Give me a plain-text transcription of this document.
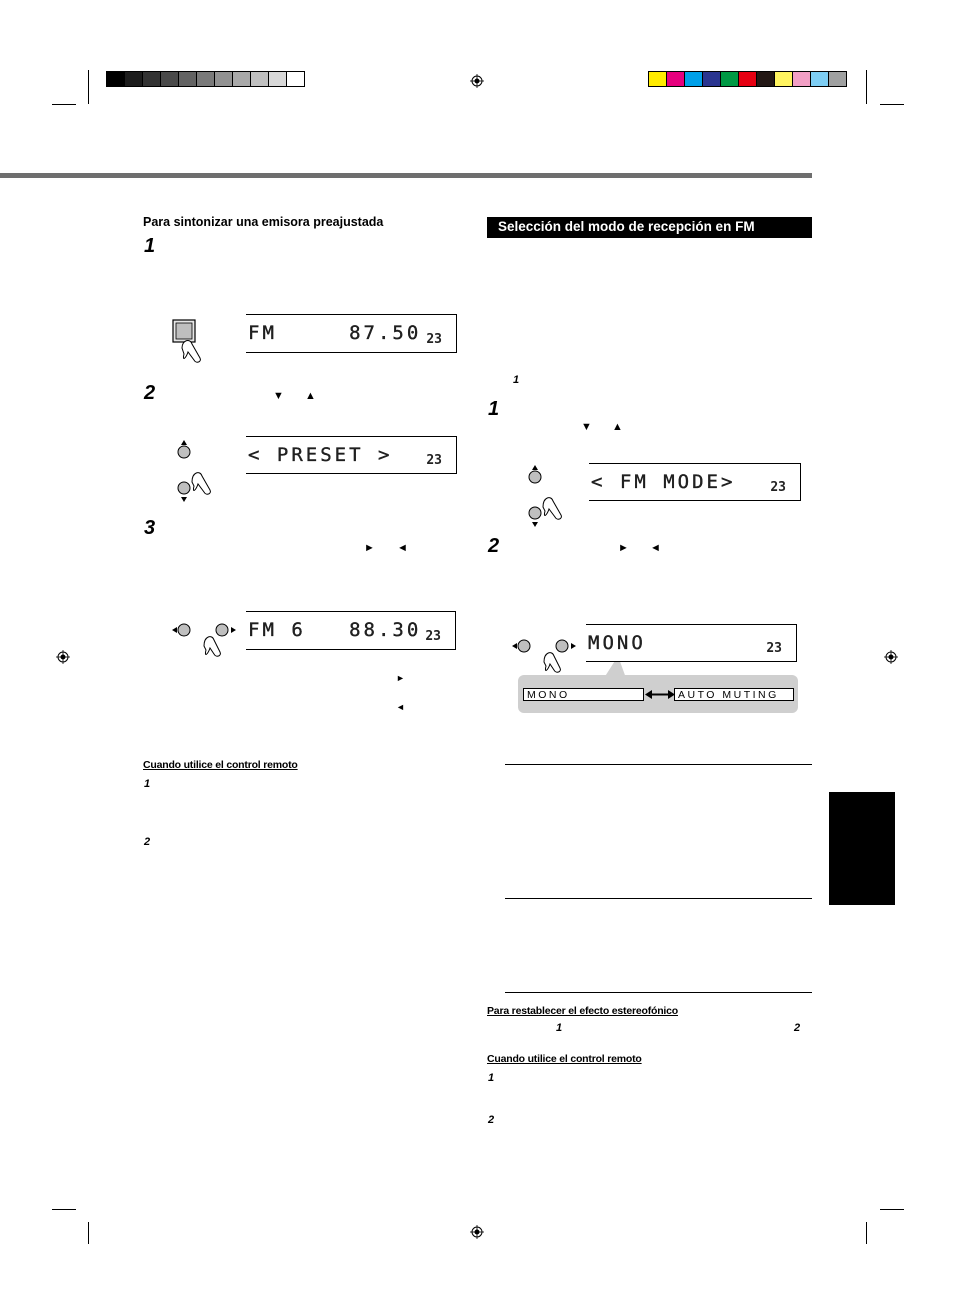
Para sintonizar una emisora preajustada
1
FM     87.50 23
2	▼ ▲
< PRESET >	23
3
► ◄
FM 6   88.30 23
►
◄
Cuando utilice el control remoto
1
2
Selección del modo de recepción en FM
1
1
▼ ▲
< FM MODE>	23
2	► ◄
MONO	23
MONO	AUTO MUTING
Para restablecer el efecto estereofónico
1	2
Cuando utilice el control remoto
1
2
